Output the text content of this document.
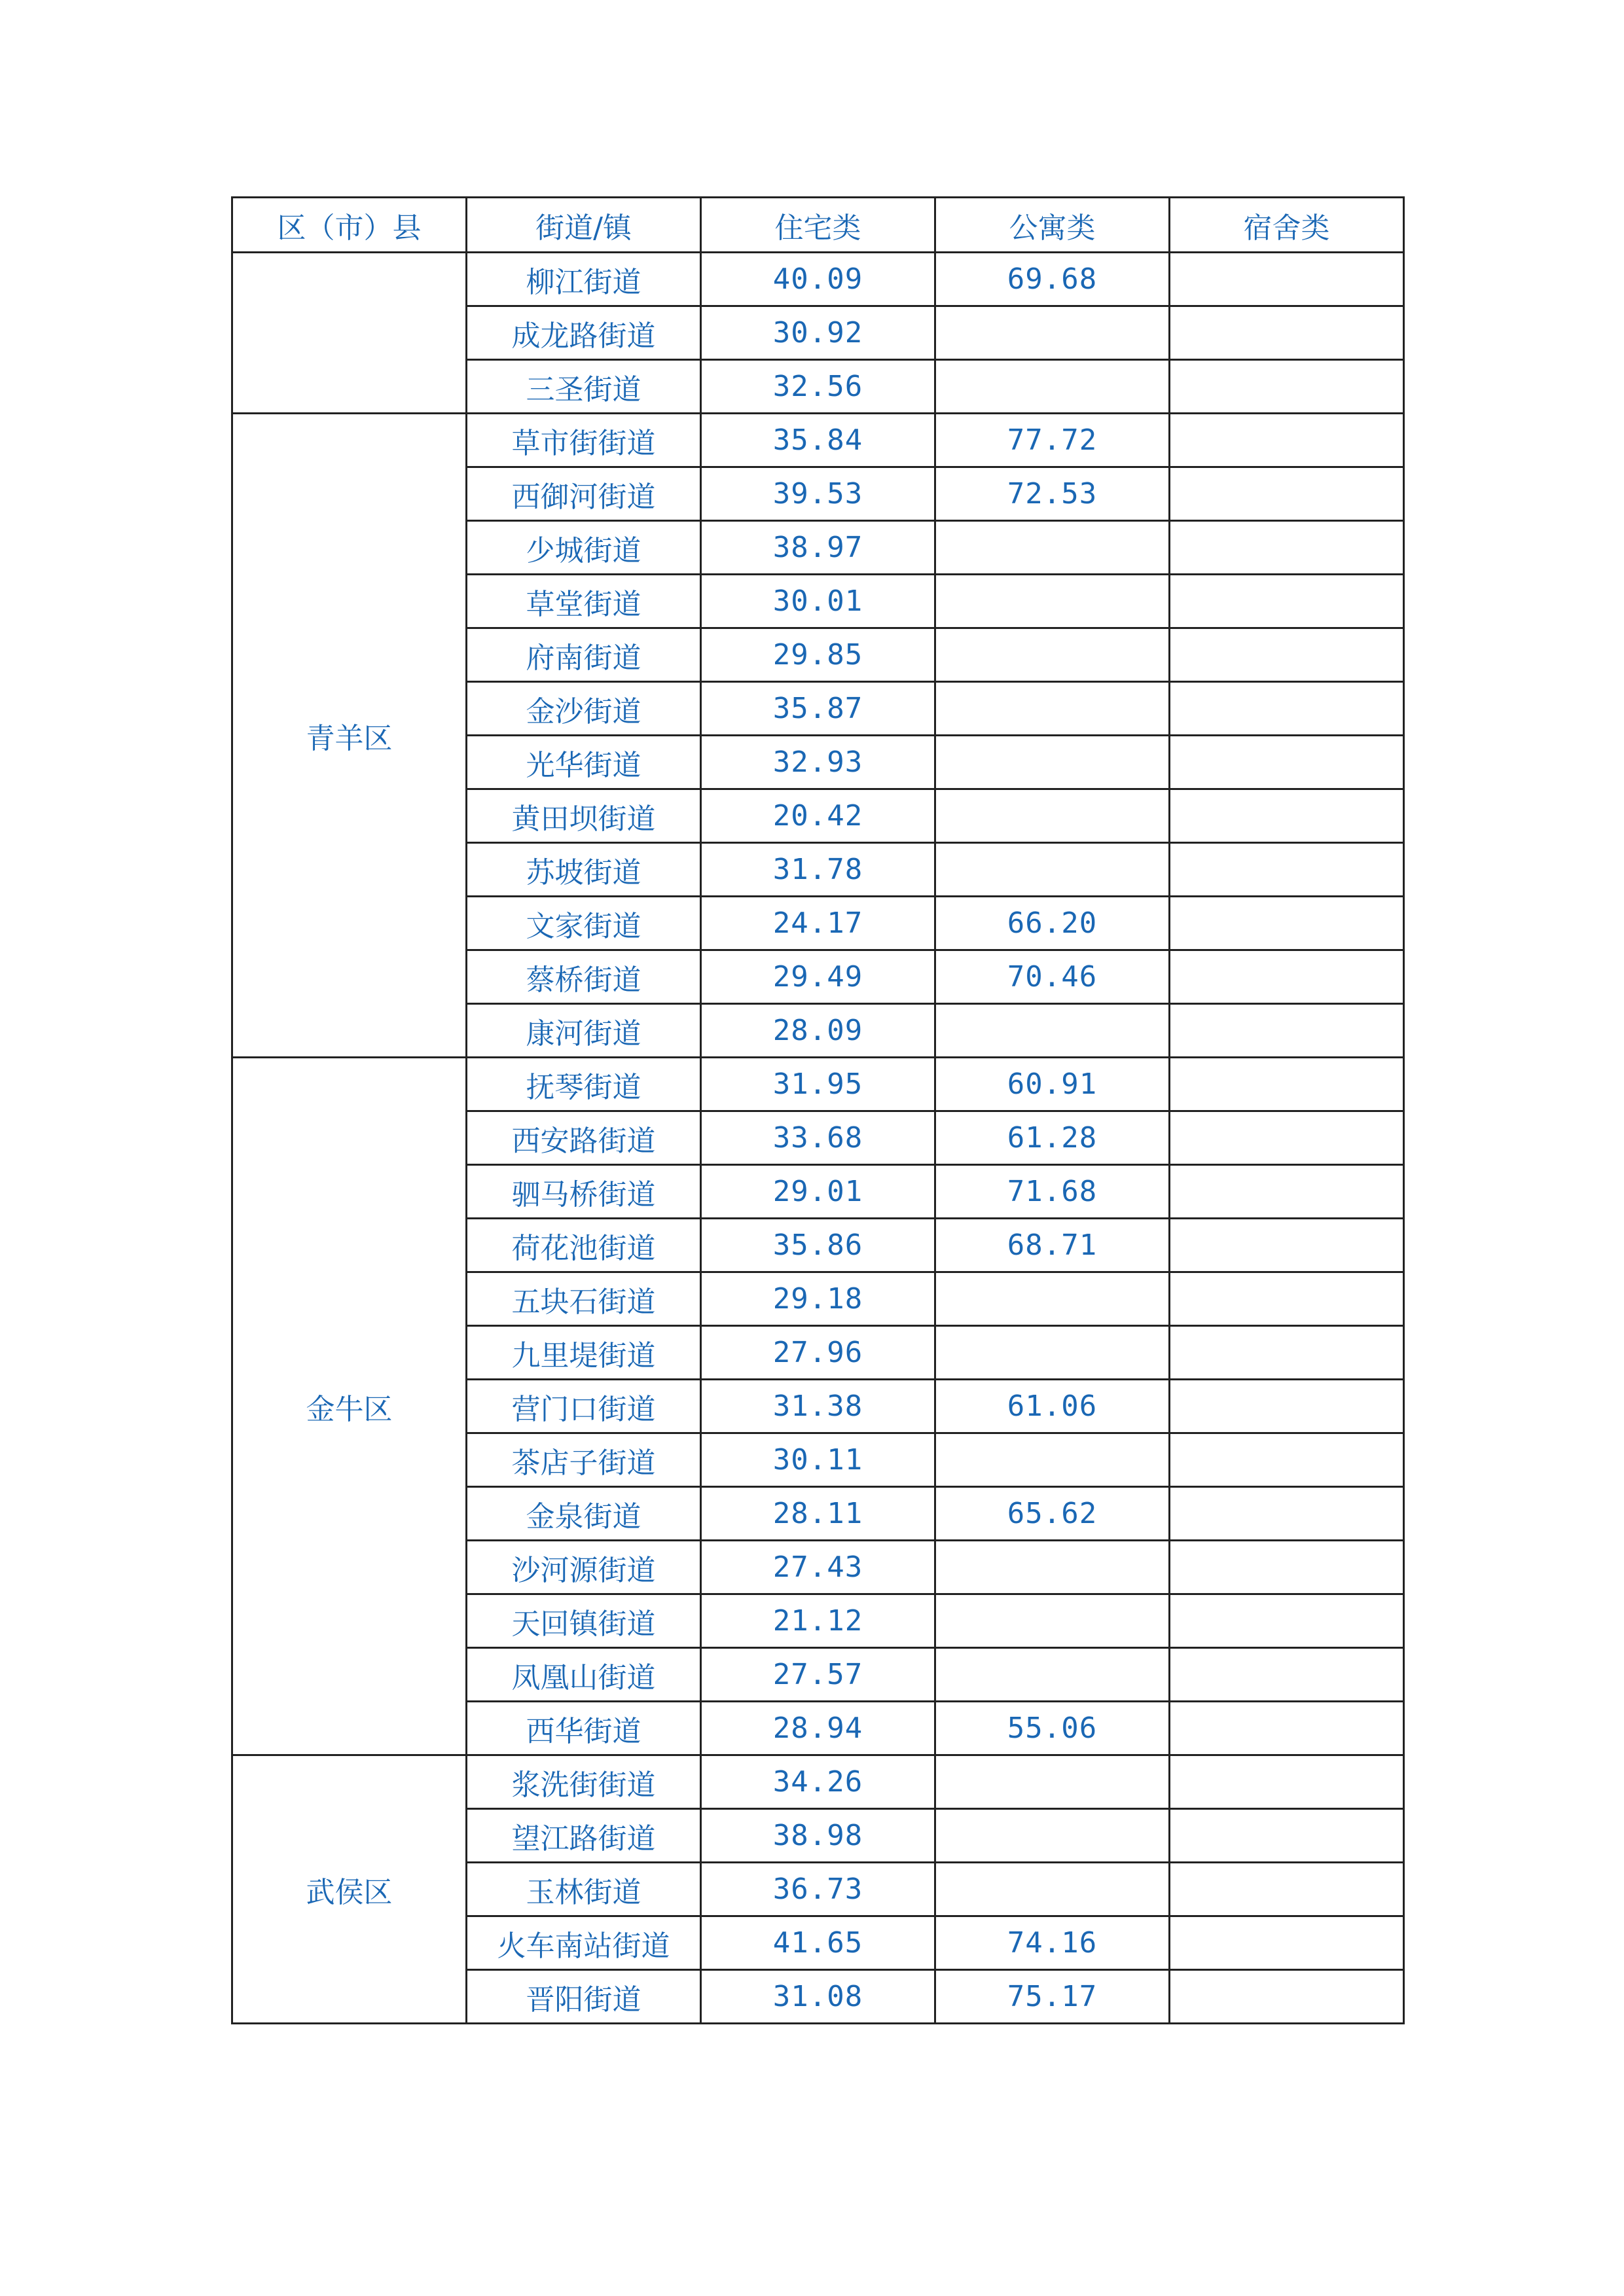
区（市）县	街道/镇	住宅类	公寓类	宿舍类
	柳江街道	40.09	69.68	
	成龙路街道	30.92		
	三圣街道	32.56		
青羊区	草市街街道	35.84	77.72	
	西御河街道	39.53	72.53	
	少城街道	38.97		
	草堂街道	30.01		
	府南街道	29.85		
	金沙街道	35.87		
	光华街道	32.93		
	黄田坝街道	20.42		
	苏坡街道	31.78		
	文家街道	24.17	66.20	
	蔡桥街道	29.49	70.46	
	康河街道	28.09		
金牛区	抚琴街道	31.95	60.91	
	西安路街道	33.68	61.28	
	驷马桥街道	29.01	71.68	
	荷花池街道	35.86	68.71	
	五块石街道	29.18		
	九里堤街道	27.96		
	营门口街道	31.38	61.06	
	茶店子街道	30.11		
	金泉街道	28.11	65.62	
	沙河源街道	27.43		
	天回镇街道	21.12		
	凤凰山街道	27.57		
	西华街道	28.94	55.06	
武侯区	浆洗街街道	34.26		
	望江路街道	38.98		
	玉林街道	36.73		
	火车南站街道	41.65	74.16	
	晋阳街道	31.08	75.17	
